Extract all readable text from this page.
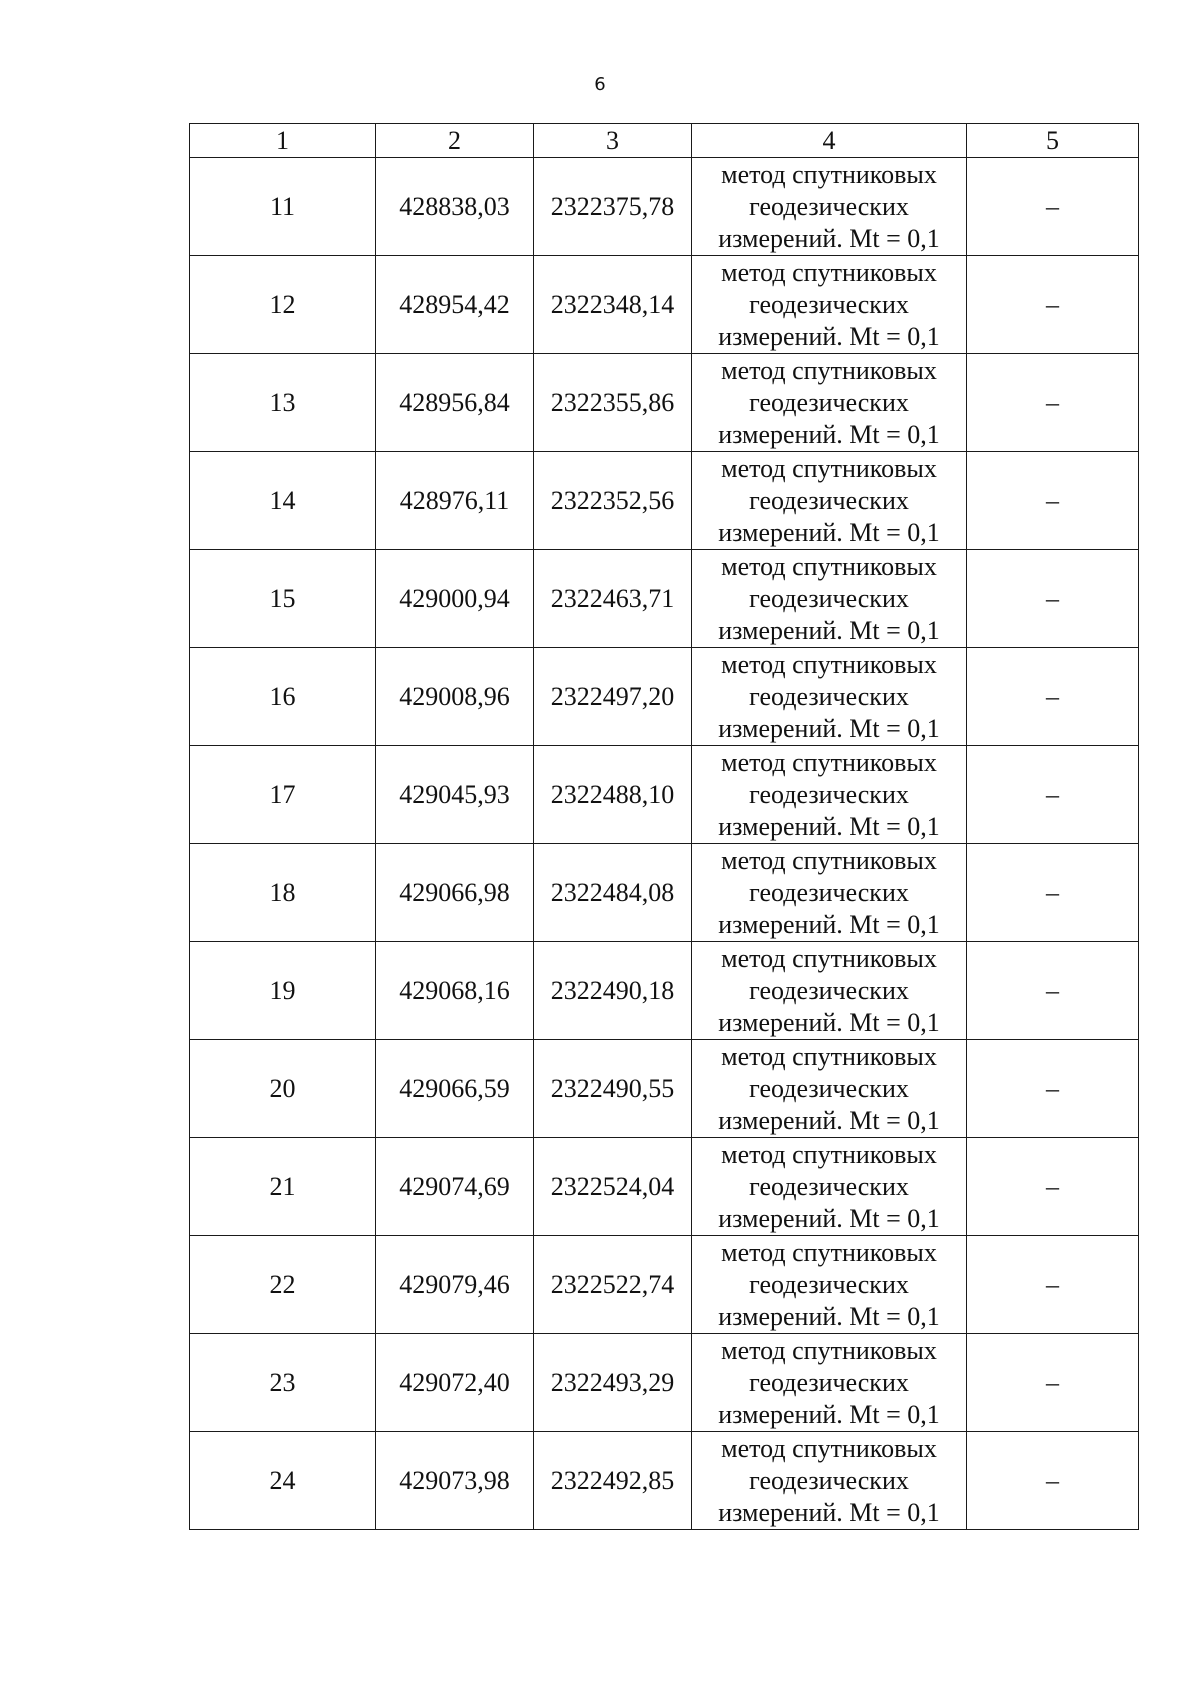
6
1	2	3	4	5
11	428838,03	2322375,78	метод спутниковых
геодезических
измерений. Mt = 0,1	–
12	428954,42	2322348,14	метод спутниковых
геодезических
измерений. Mt = 0,1	–
13	428956,84	2322355,86	метод спутниковых
геодезических
измерений. Mt = 0,1	–
14	428976,11	2322352,56	метод спутниковых
геодезических
измерений. Mt = 0,1	–
15	429000,94	2322463,71	метод спутниковых
геодезических
измерений. Mt = 0,1	–
16	429008,96	2322497,20	метод спутниковых
геодезических
измерений. Mt = 0,1	–
17	429045,93	2322488,10	метод спутниковых
геодезических
измерений. Mt = 0,1	–
18	429066,98	2322484,08	метод спутниковых
геодезических
измерений. Mt = 0,1	–
19	429068,16	2322490,18	метод спутниковых
геодезических
измерений. Mt = 0,1	–
20	429066,59	2322490,55	метод спутниковых
геодезических
измерений. Mt = 0,1	–
21	429074,69	2322524,04	метод спутниковых
геодезических
измерений. Mt = 0,1	–
22	429079,46	2322522,74	метод спутниковых
геодезических
измерений. Mt = 0,1	–
23	429072,40	2322493,29	метод спутниковых
геодезических
измерений. Mt = 0,1	–
24	429073,98	2322492,85	метод спутниковых
геодезических
измерений. Mt = 0,1	–
